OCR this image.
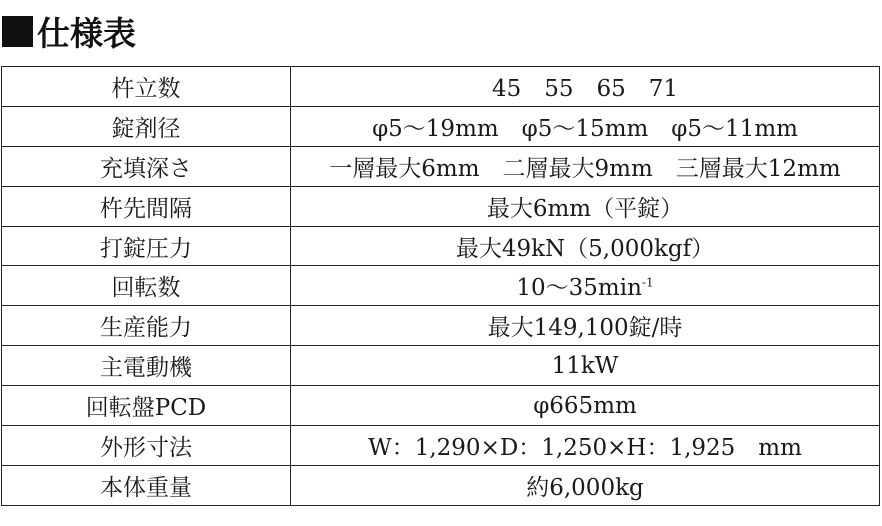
仕様表
杵立数	45　55　65　71
錠剤径	φ5～19mm　φ5～15mm　φ5～11mm
充填深さ	一層最大6mm　二層最大9mm　三層最大12mm
杵先間隔	最大6mm（平錠）
打錠圧力	最大49kN（5,000kgf）
回転数	$10\sim 35\min^{-1}$
生産能力	最大149,100錠/時
主電動機	11kW
回転盤PCD	φ665mm
外形寸法	W：1,290×D：1,250×H：1,925　mm
本体重量	約6,000kg
